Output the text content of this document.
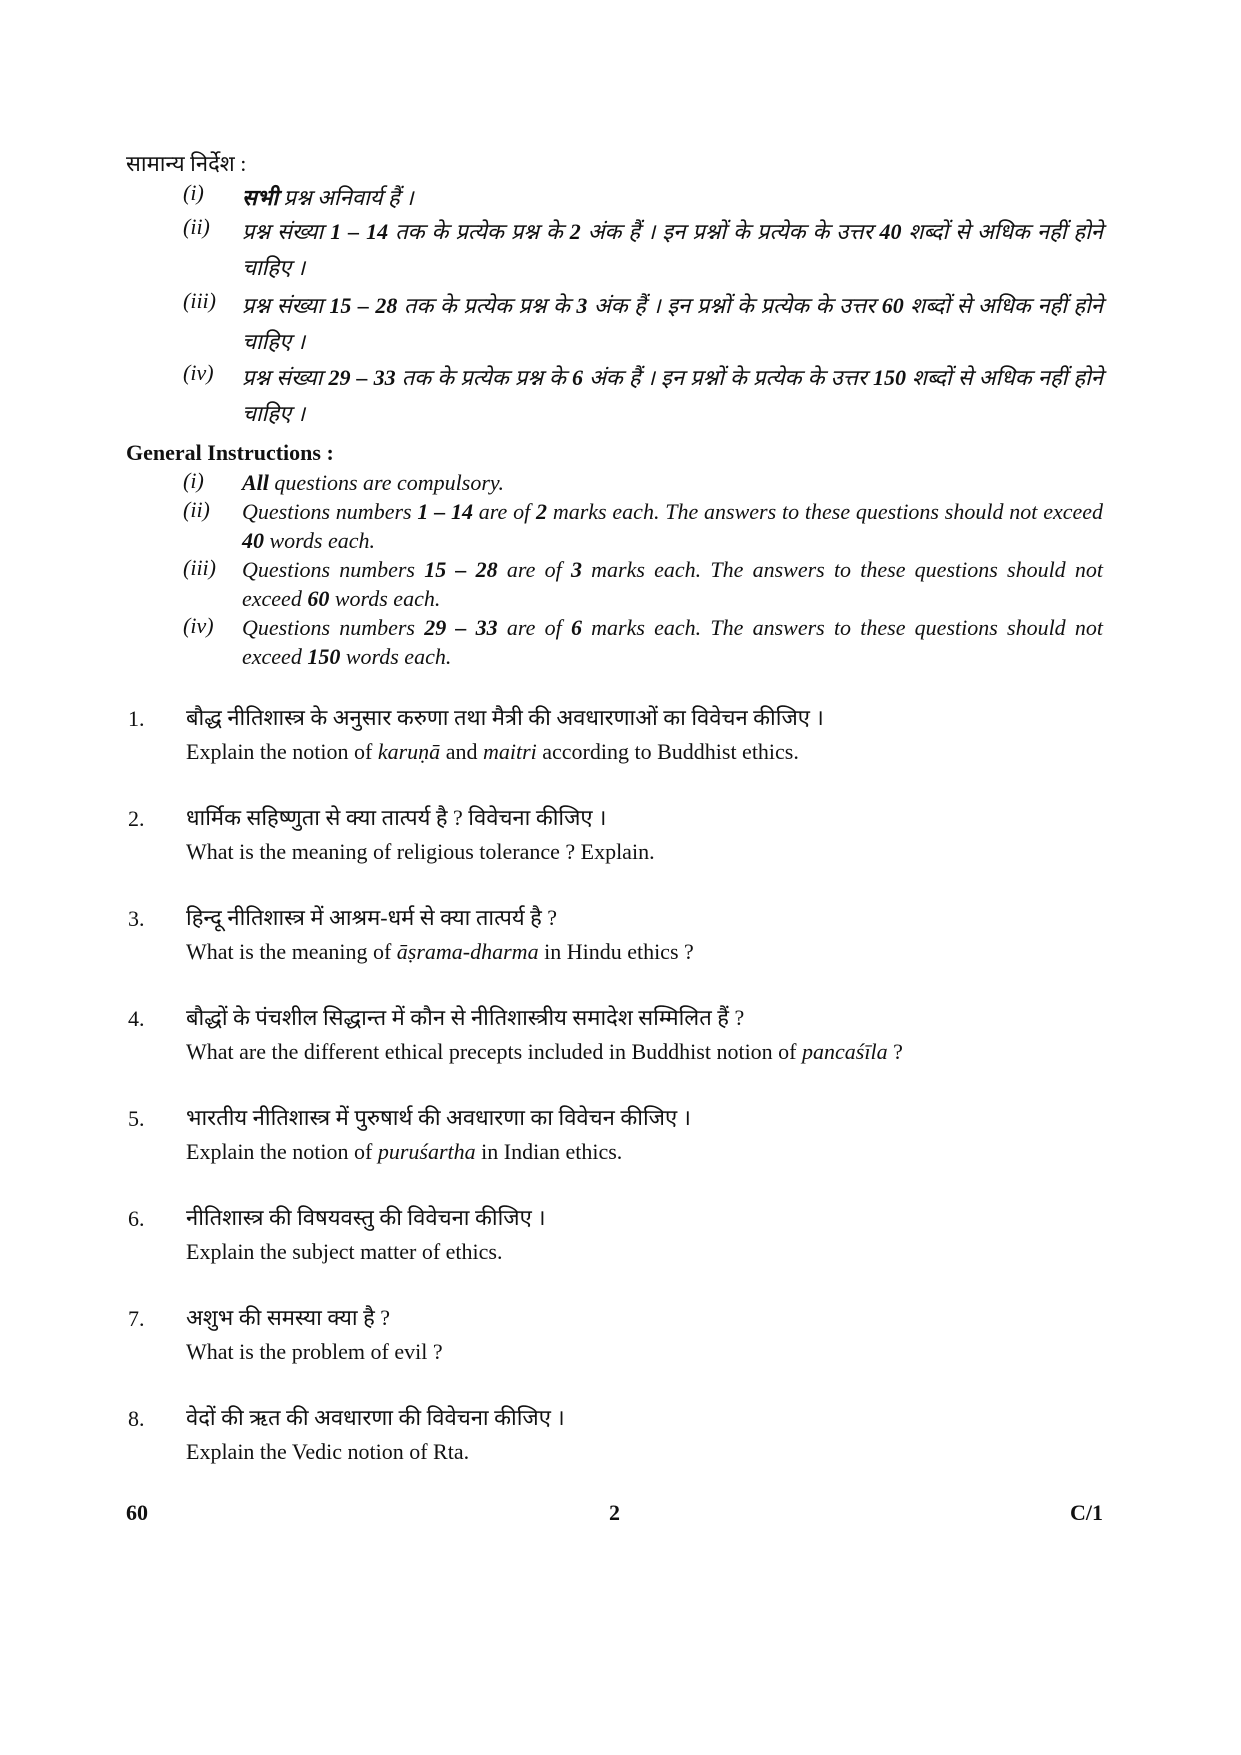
सामान्य निर्देश :
(i) सभी प्रश्न अनिवार्य हैं ।
(ii) प्रश्न संख्या 1 – 14 तक के प्रत्येक प्रश्न के 2 अंक हैं । इन प्रश्नों के प्रत्येक के उत्तर 40 शब्दों से अधिक नहीं होने चाहिए ।
(iii) प्रश्न संख्या 15 – 28 तक के प्रत्येक प्रश्न के 3 अंक हैं । इन प्रश्नों के प्रत्येक के उत्तर 60 शब्दों से अधिक नहीं होने चाहिए ।
(iv) प्रश्न संख्या 29 – 33 तक के प्रत्येक प्रश्न के 6 अंक हैं । इन प्रश्नों के प्रत्येक के उत्तर 150 शब्दों से अधिक नहीं होने चाहिए ।
General Instructions :
(i) All questions are compulsory.
(ii) Questions numbers 1 – 14 are of 2 marks each. The answers to these questions should not exceed 40 words each.
(iii) Questions numbers 15 – 28 are of 3 marks each. The answers to these questions should not exceed 60 words each.
(iv) Questions numbers 29 – 33 are of 6 marks each. The answers to these questions should not exceed 150 words each.
1. बौद्ध नीतिशास्त्र के अनुसार करुणा तथा मैत्री की अवधारणाओं का विवेचन कीजिए ।
Explain the notion of karuṇā and maitri according to Buddhist ethics.
2. धार्मिक सहिष्णुता से क्या तात्पर्य है ? विवेचना कीजिए ।
What is the meaning of religious tolerance ? Explain.
3. हिन्दू नीतिशास्त्र में आश्रम-धर्म से क्या तात्पर्य है ?
What is the meaning of āṣrama-dharma in Hindu ethics ?
4. बौद्धों के पंचशील सिद्धान्त में कौन से नीतिशास्त्रीय समादेश सम्मिलित हैं ?
What are the different ethical precepts included in Buddhist notion of pancaśīla ?
5. भारतीय नीतिशास्त्र में पुरुषार्थ की अवधारणा का विवेचन कीजिए ।
Explain the notion of puruśartha in Indian ethics.
6. नीतिशास्त्र की विषयवस्तु की विवेचना कीजिए ।
Explain the subject matter of ethics.
7. अशुभ की समस्या क्या है ?
What is the problem of evil ?
8. वेदों की ऋत की अवधारणा की विवेचना कीजिए ।
Explain the Vedic notion of Rta.
60	2	C/1
